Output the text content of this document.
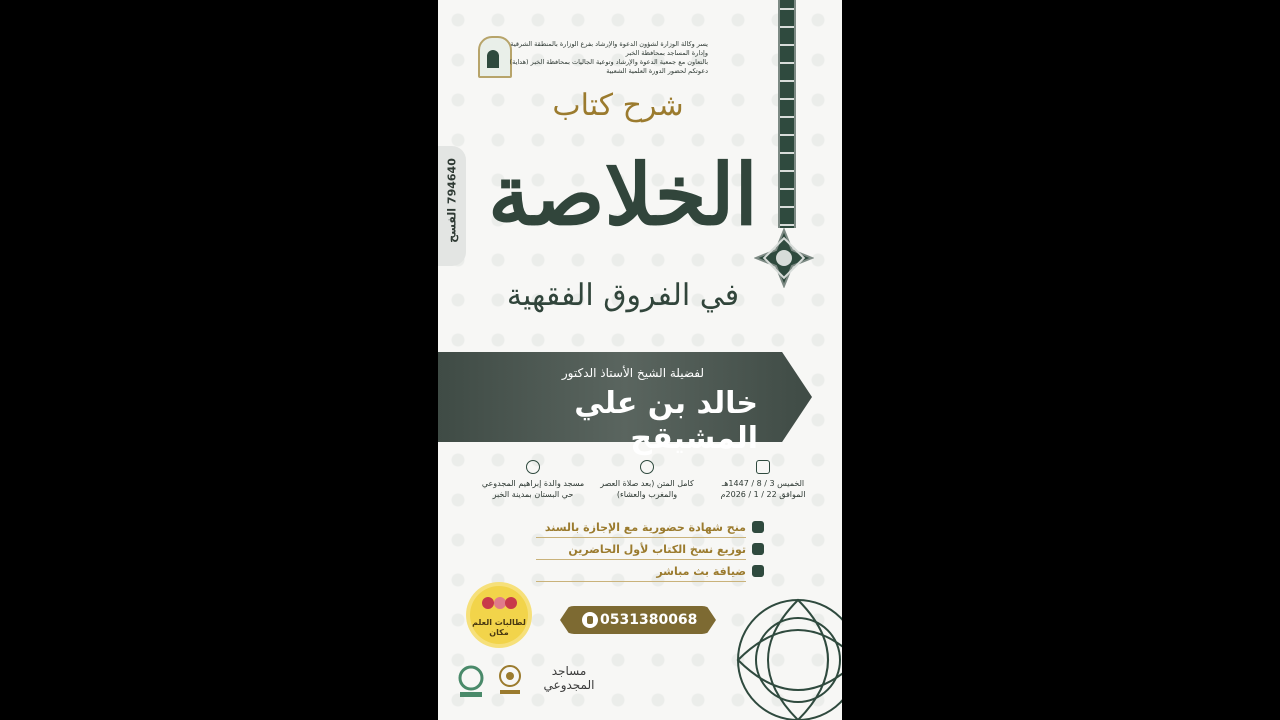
يسر وكالة الوزارة لشؤون الدعوة والإرشاد بفرع الوزارة بالمنطقة الشرقية
وإدارة المساجد بمحافظة الخبر
بالتعاون مع جمعية الدعوة والإرشاد وتوعية الجاليات بمحافظة الخبر (هداية)
دعوتكم لحضور الدورة العلمية الشعبية
794640 الفسح
شرح كتاب
الخلاصة
في الفروق الفقهية
لفضيلة الشيخ الأستاذ الدكتور
خالد بن علي المشيقح
الخميس 3 / 8 / 1447هـ الموافق 22 / 1 / 2026م
كامل المتن (بعد صلاة العصر والمغرب والعشاء)
مسجد والدة إبراهيم المجدوعي حي البستان بمدينة الخبر
منح شهادة حضورية مع الإجازة بالسند
توزيع نسخ الكتاب لأول الحاضرين
ضيافة بث مباشر
0531380068
لطالبات العلم
مكان
مساجد
المجدوعي
